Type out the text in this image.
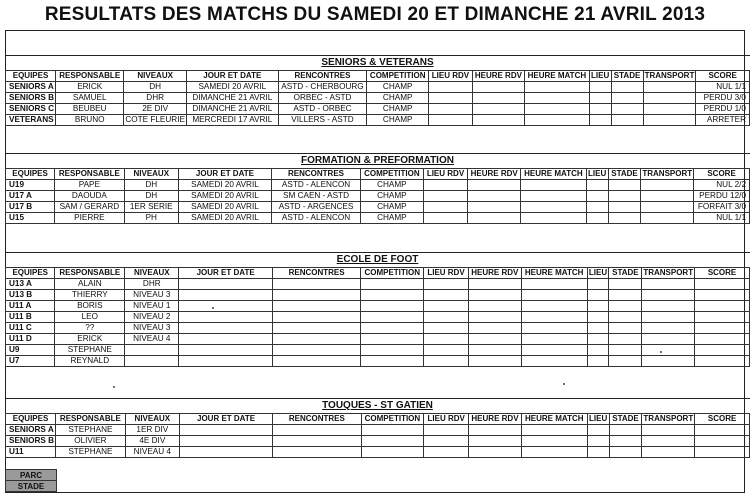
RESULTATS DES MATCHS DU SAMEDI 20 ET DIMANCHE 21 AVRIL 2013
SENIORS & VETERANS												
EQUIPES	RESPONSABLE	NIVEAUX	JOUR ET DATE	RENCONTRES	COMPETITION	LIEU RDV	HEURE RDV	HEURE MATCH	LIEU	STADE	TRANSPORT	SCORE
SENIORS A	ERICK	DH	SAMEDI 20 AVRIL	ASTD - CHERBOURG	CHAMP							NUL 1/1
SENIORS B	SAMUEL	DHR	DIMANCHE 21 AVRIL	ORBEC - ASTD	CHAMP							PERDU 3/0
SENIORS C	BEUBEU	2E DIV	DIMANCHE 21 AVRIL	ASTD - ORBEC	CHAMP							PERDU 1/0
VETERANS	BRUNO	COTE FLEURIE	MERCREDI 17 AVRIL	VILLERS - ASTD	CHAMP							ARRETER
FORMATION & PREFORMATION												
EQUIPES	RESPONSABLE	NIVEAUX	JOUR ET DATE	RENCONTRES	COMPETITION	LIEU RDV	HEURE RDV	HEURE MATCH	LIEU	STADE	TRANSPORT	SCORE
U19	PAPE	DH	SAMEDI 20 AVRIL	ASTD - ALENCON	CHAMP							NUL 2/2
U17 A	DAOUDA	DH	SAMEDI 20 AVRIL	SM CAEN - ASTD	CHAMP							PERDU 12/0
U17 B	SAM / GERARD	1ER SERIE	SAMEDI 20 AVRIL	ASTD - ARGENCES	CHAMP							FORFAIT 3/0
U15	PIERRE	PH	SAMEDI 20 AVRIL	ASTD - ALENCON	CHAMP							NUL 1/1
ECOLE DE FOOT												
EQUIPES	RESPONSABLE	NIVEAUX	JOUR ET DATE	RENCONTRES	COMPETITION	LIEU RDV	HEURE RDV	HEURE MATCH	LIEU	STADE	TRANSPORT	SCORE
U13 A	ALAIN	DHR										
U13 B	THIERRY	NIVEAU 3										
U11 A	BORIS	NIVEAU 1										
U11 B	LEO	NIVEAU 2										
U11 C	??	NIVEAU 3										
U11 D	ERICK	NIVEAU 4										
U9	STEPHANE											
U7	REYNALD											
TOUQUES - ST GATIEN												
EQUIPES	RESPONSABLE	NIVEAUX	JOUR ET DATE	RENCONTRES	COMPETITION	LIEU RDV	HEURE RDV	HEURE MATCH	LIEU	STADE	TRANSPORT	SCORE
SENIORS A	STEPHANE	1ER DIV										
SENIORS B	OLIVIER	4E DIV										
U11	STEPHANE	NIVEAU 4										
PARC
STADE
